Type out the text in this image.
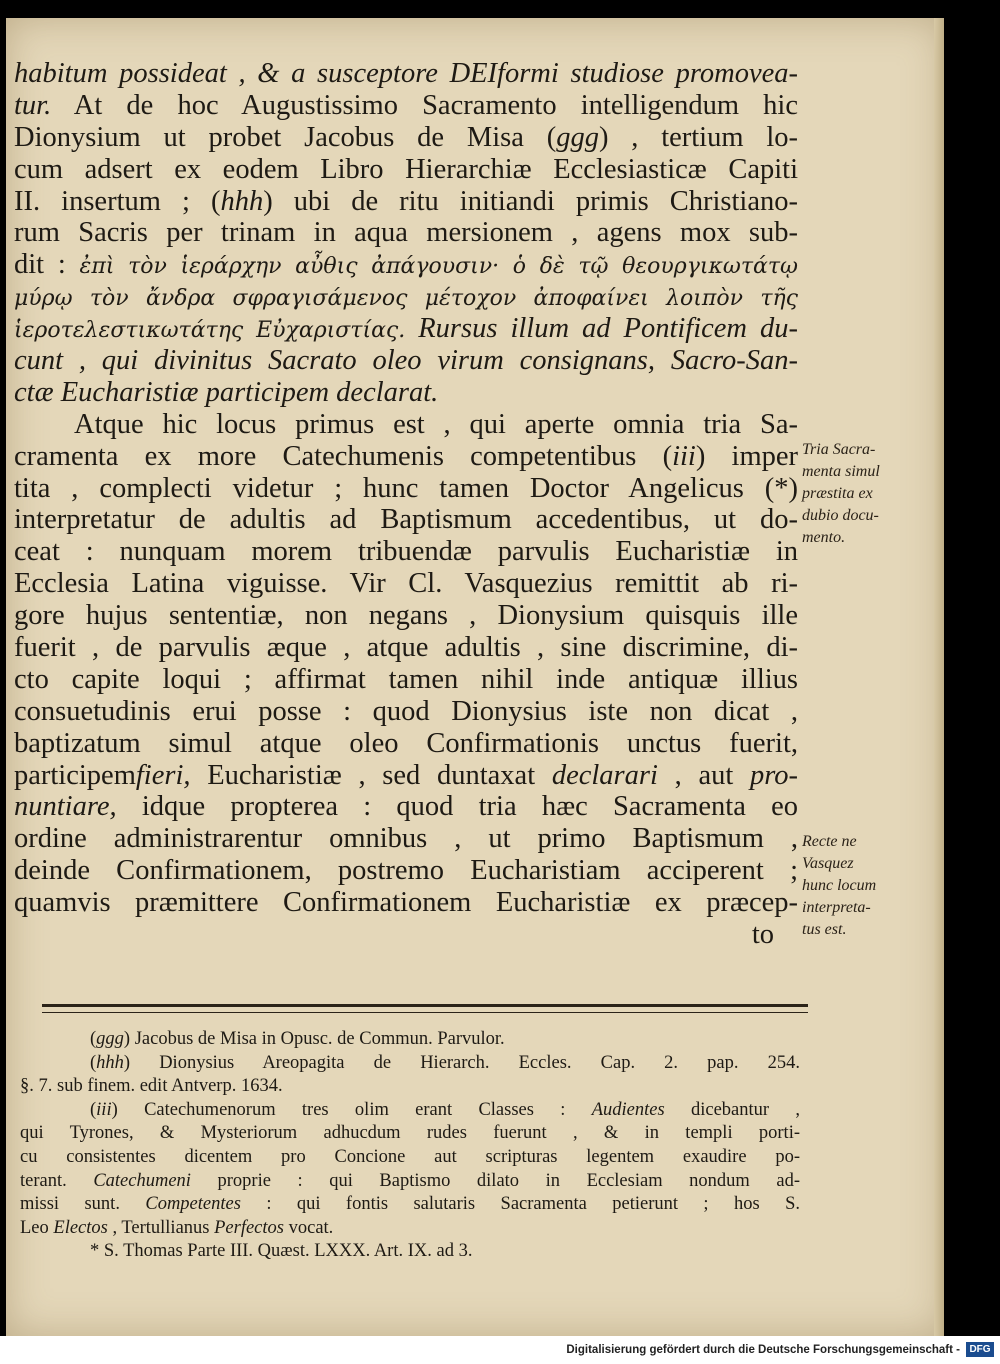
habitum possideat , & a susceptore DEIformi studiose promovea-
tur. At de hoc Augustissimo Sacramento intelligendum hic
Dionysium ut probet Jacobus de Misa (ggg) , tertium lo-
cum adsert ex eodem Libro Hierarchiæ Ecclesiasticæ Capiti
II. insertum ; (hhh) ubi de ritu initiandi primis Christiano-
rum Sacris per trinam in aqua mersionem , agens mox sub-
dit : ἐπὶ τὸν ἱεράρχην αὖθις ἀπάγουσιν· ὁ δὲ τῷ θεουργικωτάτῳ
μύρῳ τὸν ἄνδρα σφραγισάμενος μέτοχον ἀποφαίνει λοιπὸν τῆς
ἱεροτελεστικωτάτης Εὐχαριστίας. Rursus illum ad Pontificem du-
cunt , qui divinitus Sacrato oleo virum consignans, Sacro-San-
ctæ Eucharistiæ participem declarat.
Atque hic locus primus est , qui aperte omnia tria Sa-
cramenta ex more Catechumenis competentibus (iii) imper
tita , complecti videtur ; hunc tamen Doctor Angelicus (*)
interpretatur de adultis ad Baptismum accedentibus, ut do-
ceat : nunquam morem tribuendæ parvulis Eucharistiæ in
Ecclesia Latina viguisse. Vir Cl. Vasquezius remittit ab ri-
gore hujus sententiæ, non negans , Dionysium quisquis ille
fuerit , de parvulis æque , atque adultis , sine discrimine, di-
cto capite loqui ; affirmat tamen nihil inde antiquæ illius
consuetudinis erui posse : quod Dionysius iste non dicat ,
baptizatum simul atque oleo Confirmationis unctus fuerit,
participemfieri, Eucharistiæ , sed duntaxat declarari , aut pro-
nuntiare, idque propterea : quod tria hæc Sacramenta eo
ordine administrarentur omnibus , ut primo Baptismum ,
deinde Confirmationem, postremo Eucharistiam acciperent ;
quamvis præmittere Confirmationem Eucharistiæ ex præcep-
to
Tria Sacra-
menta simul
præstita ex
dubio docu-
mento.
Recte ne
Vasquez
hunc locum
interpreta-
tus est.
(ggg) Jacobus de Misa in Opusc. de Commun. Parvulor.
(hhh) Dionysius Areopagita de Hierarch. Eccles. Cap. 2. pap. 254.
§. 7. sub finem. edit Antverp. 1634.
(iii) Catechumenorum tres olim erant Classes : Audientes dicebantur ,
qui Tyrones, & Mysteriorum adhucdum rudes fuerunt , & in templi porti-
cu consistentes dicentem pro Concione aut scripturas legentem exaudire po-
terant. Catechumeni proprie : qui Baptismo dilato in Ecclesiam nondum ad-
missi sunt. Competentes : qui fontis salutaris Sacramenta petierunt ; hos S.
Leo Electos , Tertullianus Perfectos vocat.
* S. Thomas Parte III. Quæst. LXXX. Art. IX. ad 3.
Digitalisierung gefördert durch die Deutsche Forschungsgemeinschaft - DFG
